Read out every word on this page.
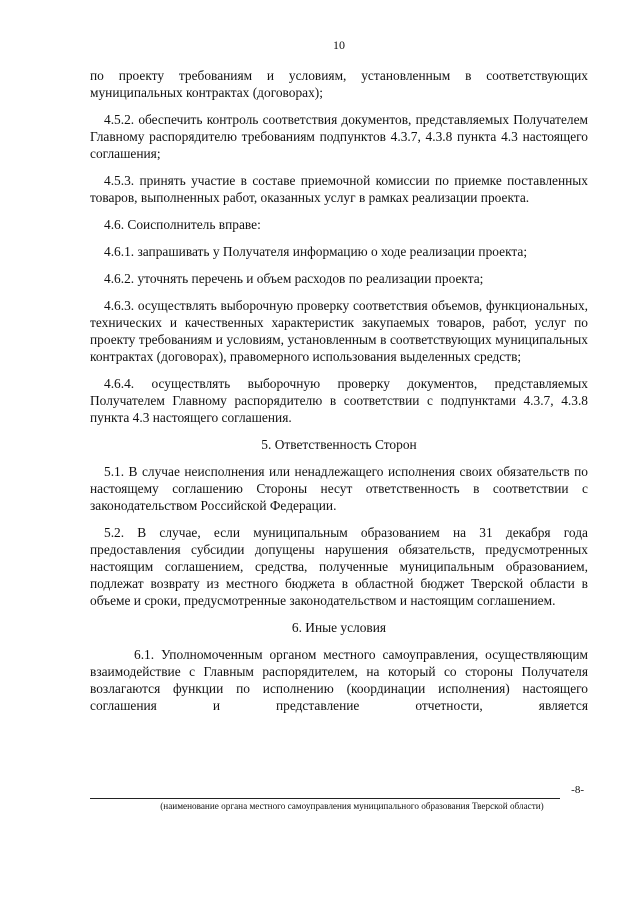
10

по проекту требованиям и условиям, установленным в соответствующих муниципальных контрактах (договорах);

4.5.2. обеспечить контроль соответствия документов, представляемых Получателем Главному распорядителю требованиям подпунктов 4.3.7, 4.3.8 пункта 4.3 настоящего соглашения;

4.5.3. принять участие в составе приемочной комиссии по приемке поставленных товаров, выполненных работ, оказанных услуг в рамках реализации проекта.

4.6. Соисполнитель вправе:

4.6.1. запрашивать у Получателя информацию о ходе реализации проекта;

4.6.2. уточнять перечень и объем расходов по реализации проекта;

4.6.3. осуществлять выборочную проверку соответствия объемов, функциональных, технических и качественных характеристик закупаемых товаров, работ, услуг по проекту требованиям и условиям, установленным в соответствующих муниципальных контрактах (договорах), правомерного использования выделенных средств;

4.6.4. осуществлять выборочную проверку документов, представляемых Получателем Главному распорядителю в соответствии с подпунктами 4.3.7, 4.3.8 пункта 4.3 настоящего соглашения.

5. Ответственность Сторон

5.1. В случае неисполнения или ненадлежащего исполнения своих обязательств по настоящему соглашению Стороны несут ответственность в соответствии с законодательством Российской Федерации.

5.2. В случае, если муниципальным образованием на 31 декабря года предоставления субсидии допущены нарушения обязательств, предусмотренных настоящим соглашением, средства, полученные муниципальным образованием, подлежат возврату из местного бюджета в областной бюджет Тверской области в объеме и сроки, предусмотренные законодательством и настоящим соглашением.

6. Иные условия

6.1. Уполномоченным органом местного самоуправления, осуществляющим взаимодействие с Главным распорядителем, на который со стороны Получателя возлагаются функции по исполнению (координации исполнения) настоящего соглашения и представление отчетности, является

-8-
(наименование органа местного самоуправления муниципального образования Тверской области)
